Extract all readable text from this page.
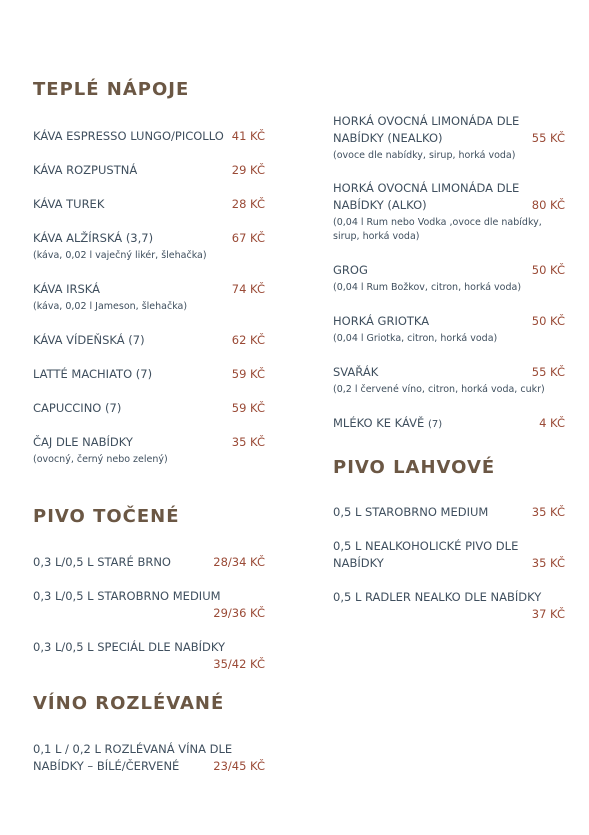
TEPLÉ NÁPOJE
KÁVA ESPRESSO LUNGO/PICOLLO 41 KČ
KÁVA ROZPUSTNÁ	29 KČ
KÁVA TUREK	28 KČ
KÁVA ALŽÍRSKÁ (3,7)	67 KČ
(káva, 0,02 l vaječný likér, šlehačka)
KÁVA IRSKÁ	74 KČ
(káva, 0,02 l Jameson, šlehačka)
KÁVA VÍDEŇSKÁ (7)	62 KČ
LATTÉ MACHIATO (7)	59 KČ
CAPUCCINO (7)	59 KČ
ČAJ DLE NABÍDKY	35 KČ
(ovocný, černý nebo zelený)
PIVO TOČENÉ
0,3 L/0,5 L STARÉ BRNO	28/34 KČ
0,3 L/0,5 L STAROBRNO MEDIUM
29/36 KČ
0,3 L/0,5 L SPECIÁL DLE NABÍDKY
35/42 KČ
VÍNO ROZLÉVANÉ
0,1 L / 0,2 L ROZLÉVANÁ VÍNA DLE NABÍDKY – BÍLÉ/ČERVENÉ	23/45 KČ
HORKÁ OVOCNÁ LIMONÁDA DLE NABÍDKY (NEALKO)	55 KČ
(ovoce dle nabídky, sirup, horká voda)
HORKÁ OVOCNÁ LIMONÁDA DLE NABÍDKY (ALKO)	80 KČ
(0,04 l Rum nebo Vodka ,ovoce dle nabídky, sirup, horká voda)
GROG	50 KČ
(0,04 l Rum Božkov, citron, horká voda)
HORKÁ GRIOTKA	50 KČ
(0,04 l Griotka, citron, horká voda)
SVAŘÁK	55 KČ
(0,2 l červené víno, citron, horká voda, cukr)
MLÉKO KE KÁVĚ (7)	4 KČ
PIVO LAHVOVÉ
0,5 L STAROBRNO MEDIUM	35 KČ
0,5 L NEALKOHOLICKÉ PIVO DLE NABÍDKY	35 KČ
0,5 L RADLER NEALKO DLE NABÍDKY
37 KČ
